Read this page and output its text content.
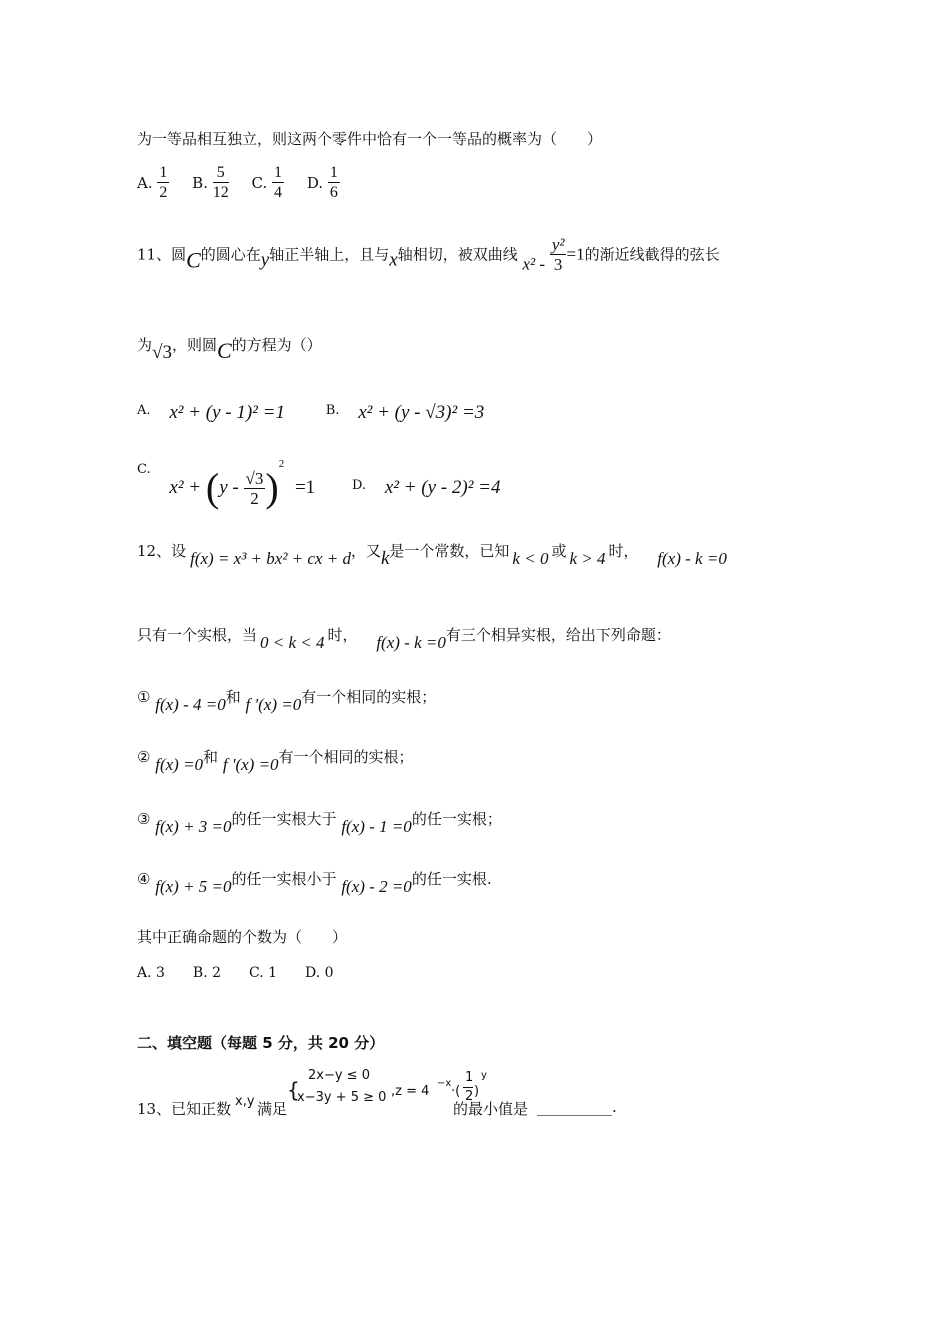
为一等品相互独立，则这两个零件中恰有一个一等品的概率为（　　）
A. $\frac{1}{2} B$. $\frac{5}{12} C$. $\frac{1}{4} D$. $\frac{1}{6}$
11、圆C的圆心在y轴正半轴上，且与x轴相切，被双曲线 $x^2 - \frac{\text{y²}}{3} =1$的渐近线截得的弦长
为√3，则圆C的方程为（）
A. x² + (y - 1)² =1	B. x² + (y - √3)² =3
C. $x^2 + (y - \frac{√3}{2} )^2 =1$	D. x² + (y - 2)² =4
12、设 f(x) = x³ + bx² + cx + d，又k是一个常数，已知 k < 0 或 k > 4 时， f(x) - k =0
只有一个实根，当 0 < k < 4 时， f(x) - k =0有三个相异实根，给出下列命题：
① f(x) - 4 =0和 f '(x) =0有一个相同的实根；
② f(x) =0和 f '(x) =0有一个相同的实根；
③ f(x) + 3 =0的任一实根大于 f(x) - 1 =0的任一实根；
④ f(x) + 5 =0的任一实根小于 f(x) - 2 =0的任一实根.
其中正确命题的个数为（　　）
A. 3　　B. 2　　C. 1　　D. 0
二、填空题（每题 5 分，共 20 分）
13、已知正数 x,y 满足
{
2x−y ≤ 0
x−3y + 5 ≥ 0 ,z = 4
−x
·(
1
2 )
y
的最小值是 __________.
